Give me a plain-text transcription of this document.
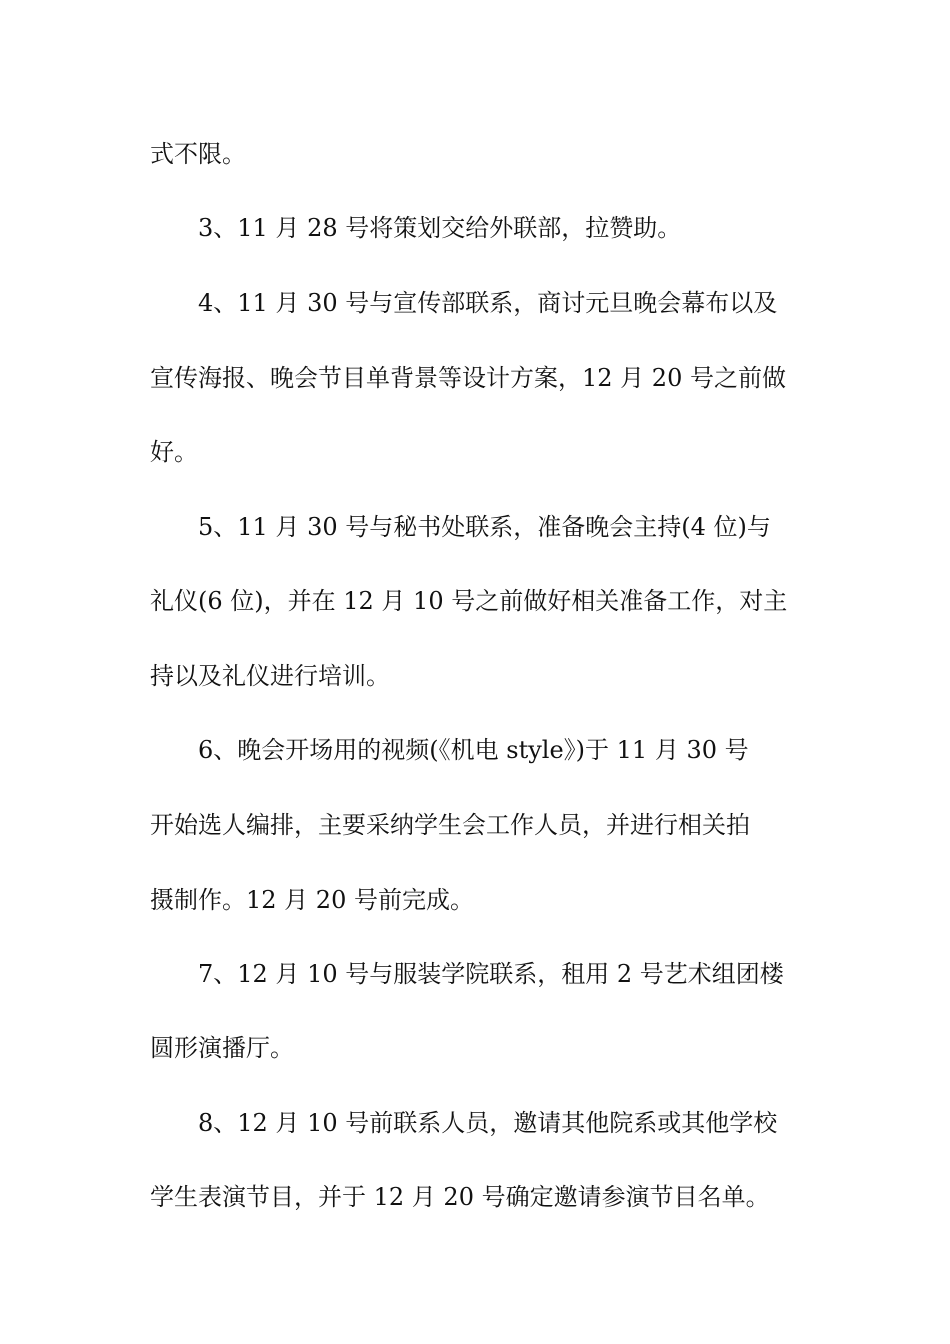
式不限。
3、11 月 28 号将策划交给外联部，拉赞助。
4、11 月 30 号与宣传部联系，商讨元旦晚会幕布以及
宣传海报、晚会节目单背景等设计方案，12 月 20 号之前做
好。
5、11 月 30 号与秘书处联系，准备晚会主持(4 位)与
礼仪(6 位)，并在 12 月 10 号之前做好相关准备工作，对主
持以及礼仪进行培训。
6、晚会开场用的视频(《机电 style》)于 11 月 30 号
开始选人编排，主要采纳学生会工作人员，并进行相关拍
摄制作。12 月 20 号前完成。
7、12 月 10 号与服装学院联系，租用 2 号艺术组团楼
圆形演播厅。
8、12 月 10 号前联系人员，邀请其他院系或其他学校
学生表演节目，并于 12 月 20 号确定邀请参演节目名单。
